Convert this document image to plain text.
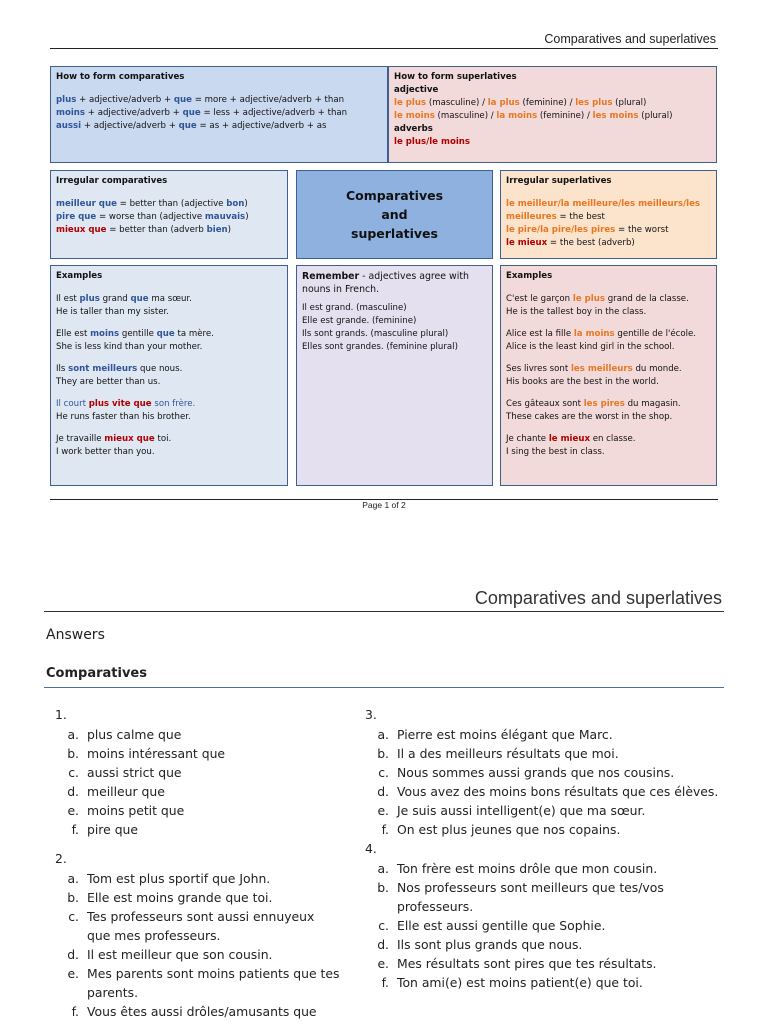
Comparatives and superlatives
How to form comparatives
plus + adjective/adverb + que = more + adjective/adverb + than
moins + adjective/adverb + que = less + adjective/adverb + than
aussi + adjective/adverb + que = as + adjective/adverb + as
How to form superlatives
adjective
le plus (masculine) / la plus (feminine) / les plus (plural)
le moins (masculine) / la moins (feminine) / les moins (plural)
adverbs
le plus/le moins
Irregular comparatives
meilleur que = better than (adjective bon)
pire que = worse than (adjective mauvais)
mieux que = better than (adverb bien)
Comparatives
and
superlatives
Irregular superlatives
le meilleur/la meilleure/les meilleurs/les meilleures = the best
le pire/la pire/les pires = the worst
le mieux = the best (adverb)
Examples
Il est plus grand que ma sœur.
He is taller than my sister.
Elle est moins gentille que ta mère.
She is less kind than your mother.
Ils sont meilleurs que nous.
They are better than us.
Il court plus vite que son frère.
He runs faster than his brother.
Je travaille mieux que toi.
I work better than you.
Remember - adjectives agree with nouns in French.
Il est grand. (masculine)
Elle est grande. (feminine)
Ils sont grands. (masculine plural)
Elles sont grandes. (feminine plural)
Examples
C'est le garçon le plus grand de la classe.
He is the tallest boy in the class.
Alice est la fille la moins gentille de l'école.
Alice is the least kind girl in the school.
Ses livres sont les meilleurs du monde.
His books are the best in the world.
Ces gâteaux sont les pires du magasin.
These cakes are the worst in the shop.
Je chante le mieux en classe.
I sing the best in class.
Page 1 of 2
Comparatives and superlatives
Answers
Comparatives
1.
a. plus calme que
b. moins intéressant que
c. aussi strict que
d. meilleur que
e. moins petit que
f. pire que
2.
a. Tom est plus sportif que John.
b. Elle est moins grande que toi.
c. Tes professeurs sont aussi ennuyeux que mes professeurs.
d. Il est meilleur que son cousin.
e. Mes parents sont moins patients que tes parents.
f. Vous êtes aussi drôles/amusants que
3.
a. Pierre est moins élégant que Marc.
b. Il a des meilleurs résultats que moi.
c. Nous sommes aussi grands que nos cousins.
d. Vous avez des moins bons résultats que ces élèves.
e. Je suis aussi intelligent(e) que ma sœur.
f. On est plus jeunes que nos copains.
4.
a. Ton frère est moins drôle que mon cousin.
b. Nos professeurs sont meilleurs que tes/vos professeurs.
c. Elle est aussi gentille que Sophie.
d. Ils sont plus grands que nous.
e. Mes résultats sont pires que tes résultats.
f. Ton ami(e) est moins patient(e) que toi.
